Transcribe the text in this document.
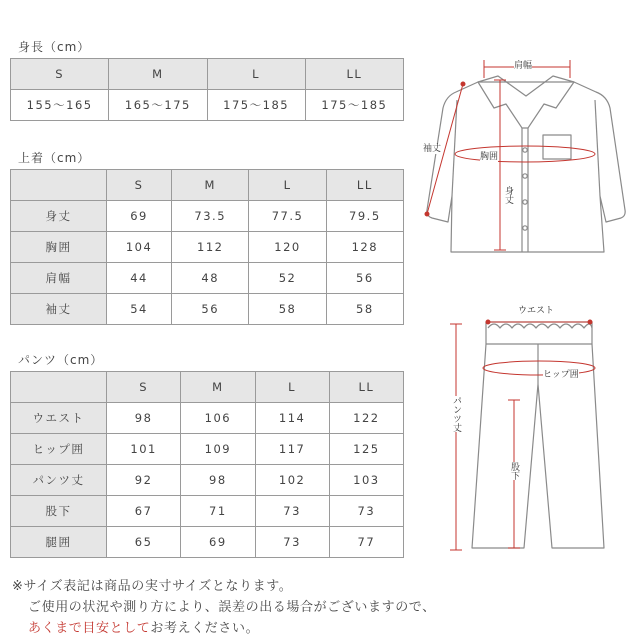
身長（cm）
S	M	L	LL
155〜165	165〜175	175〜185	175〜185
上着（cm）
	S	M	L	LL
身丈	69	73.5	77.5	79.5
胸囲	104	112	120	128
肩幅	44	48	52	56
袖丈	54	56	58	58
パンツ（cm）
	S	M	L	LL
ウエスト	98	106	114	122
ヒップ囲	101	109	117	125
パンツ丈	92	98	102	103
股下	67	71	73	73
腿囲	65	69	73	77
肩幅
袖丈
胸囲
身丈
ウエスト
ヒップ囲
パンツ丈
股下
※サイズ表記は商品の実寸サイズとなります。
ご使用の状況や測り方により、誤差の出る場合がございますので、
あくまで目安としてお考えください。
